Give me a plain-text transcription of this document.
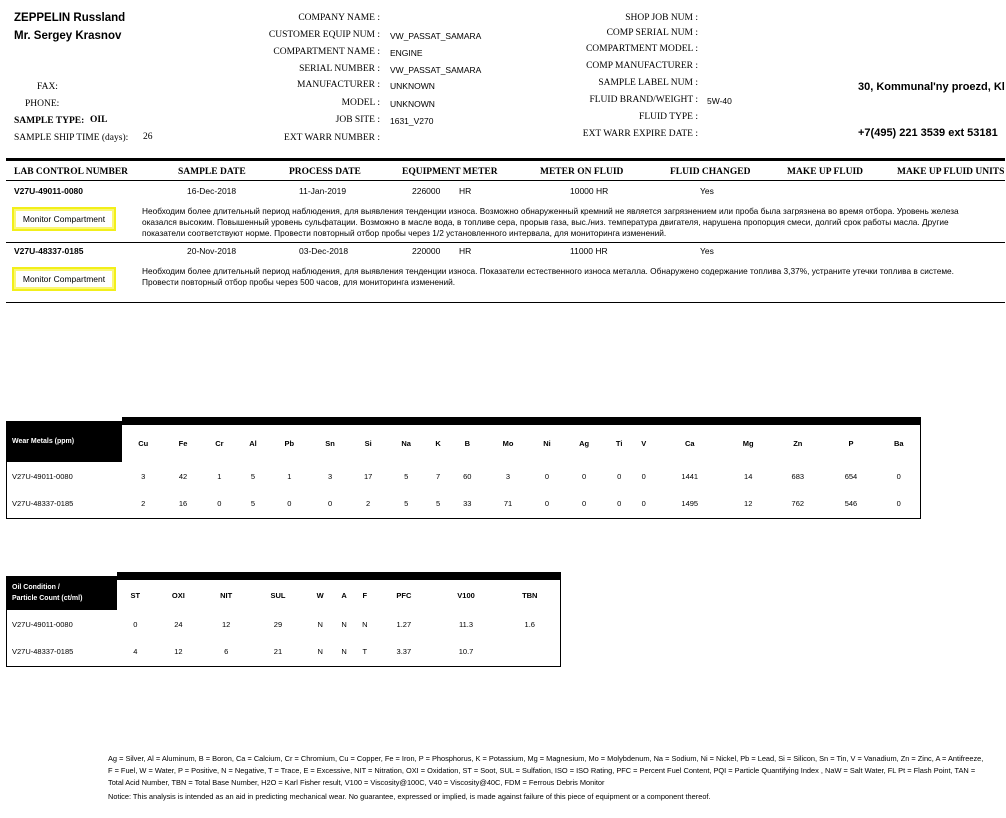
ZEPPELIN Russland
Mr. Sergey Krasnov
FAX:
PHONE:
SAMPLE TYPE: OIL
SAMPLE SHIP TIME (days): 26
COMPANY NAME :
CUSTOMER EQUIP NUM : VW_PASSAT_SAMARA
COMPARTMENT NAME : ENGINE
SERIAL NUMBER : VW_PASSAT_SAMARA
MANUFACTURER : UNKNOWN
MODEL : UNKNOWN
JOB SITE : 1631_V270
EXT WARR NUMBER :
SHOP JOB NUM :
COMP SERIAL NUM :
COMPARTMENT MODEL :
COMP MANUFACTURER :
SAMPLE LABEL NUM :
FLUID BRAND/WEIGHT : 5W-40
FLUID TYPE :
EXT WARR EXPIRE DATE :
30, Kommunal'ny proezd, Kl
+7(495) 221 3539 ext 53181
LAB CONTROL NUMBER	SAMPLE DATE	PROCESS DATE	EQUIPMENT METER	METER ON FLUID	FLUID CHANGED	MAKE UP FLUID	MAKE UP FLUID UNITS
V27U-49011-0080	16-Dec-2018	11-Jan-2019	226000 HR	10000 HR	Yes
Monitor Compartment
Необходим более длительный период наблюдения, для выявления тенденции износа. Возможно обнаруженный кремний не является загрязнением или проба была загрязнена во время отбора. Уровень железа оказался высоким. Повышенный уровень сульфатации. Возможно в масле вода, в топливе сера, прорыв газа, выс./низ. температура двигателя, нарушена пропорция смеси, долгий срок работы масла. Другие показатели соответствуют норме. Провести повторный отбор пробы через 1/2 установленного интервала, для мониторинга изменений.
V27U-48337-0185	20-Nov-2018	03-Dec-2018	220000 HR	11000 HR	Yes
Monitor Compartment
Необходим более длительный период наблюдения, для выявления тенденции износа. Показатели естественного износа металла. Обнаружено содержание топлива 3,37%, устраните утечки топлива в системе. Провести повторный отбор пробы через 500 часов, для мониторинга изменений.
Wear Metals (ppm)	Cu	Fe	Cr	Al	Pb	Sn	Si	Na	K	B	Mo	Ni	Ag	Ti	V	Ca	Mg	Zn	P	Ba
V27U-49011-0080	3	42	1	5	1	3	17	5	7	60	3	0	0	0	0	1441	14	683	654	0
V27U-48337-0185	2	16	0	5	0	0	2	5	5	33	71	0	0	0	0	1495	12	762	546	0
Oil Condition /
Particle Count (ct/ml)	ST	OXI	NIT	SUL	W	A	F	PFC	V100	TBN
V27U-49011-0080	0	24	12	29	N	N	N	1.27	11.3	1.6
V27U-48337-0185	4	12	6	21	N	N	T	3.37	10.7	
Ag = Silver, Al = Aluminum, B = Boron, Ca = Calcium, Cr = Chromium, Cu = Copper, Fe = Iron, P = Phosphorus, K = Potassium, Mg = Magnesium, Mo = Molybdenum, Na = Sodium, Ni = Nickel, Pb = Lead, Si = Silicon, Sn = Tin, V = Vanadium, Zn = Zinc, A = Antifreeze, F = Fuel, W = Water, P = Positive, N = Negative, T = Trace, E = Excessive, NIT = Nitration, OXI = Oxidation, ST = Soot, SUL = Sulfation, ISO = ISO Rating, PFC = Percent Fuel Content, PQI = Particle Quantifying Index , NaW = Salt Water, FL Pt = Flash Point, TAN = Total Acid Number, TBN = Total Base Number, H2O = Karl Fisher result, V100 = Viscosity@100C, V40 = Viscosity@40C, FDM = Ferrous Debris Monitor
Notice: This analysis is intended as an aid in predicting mechanical wear. No guarantee, expressed or implied, is made against failure of this piece of equipment or a component thereof.
